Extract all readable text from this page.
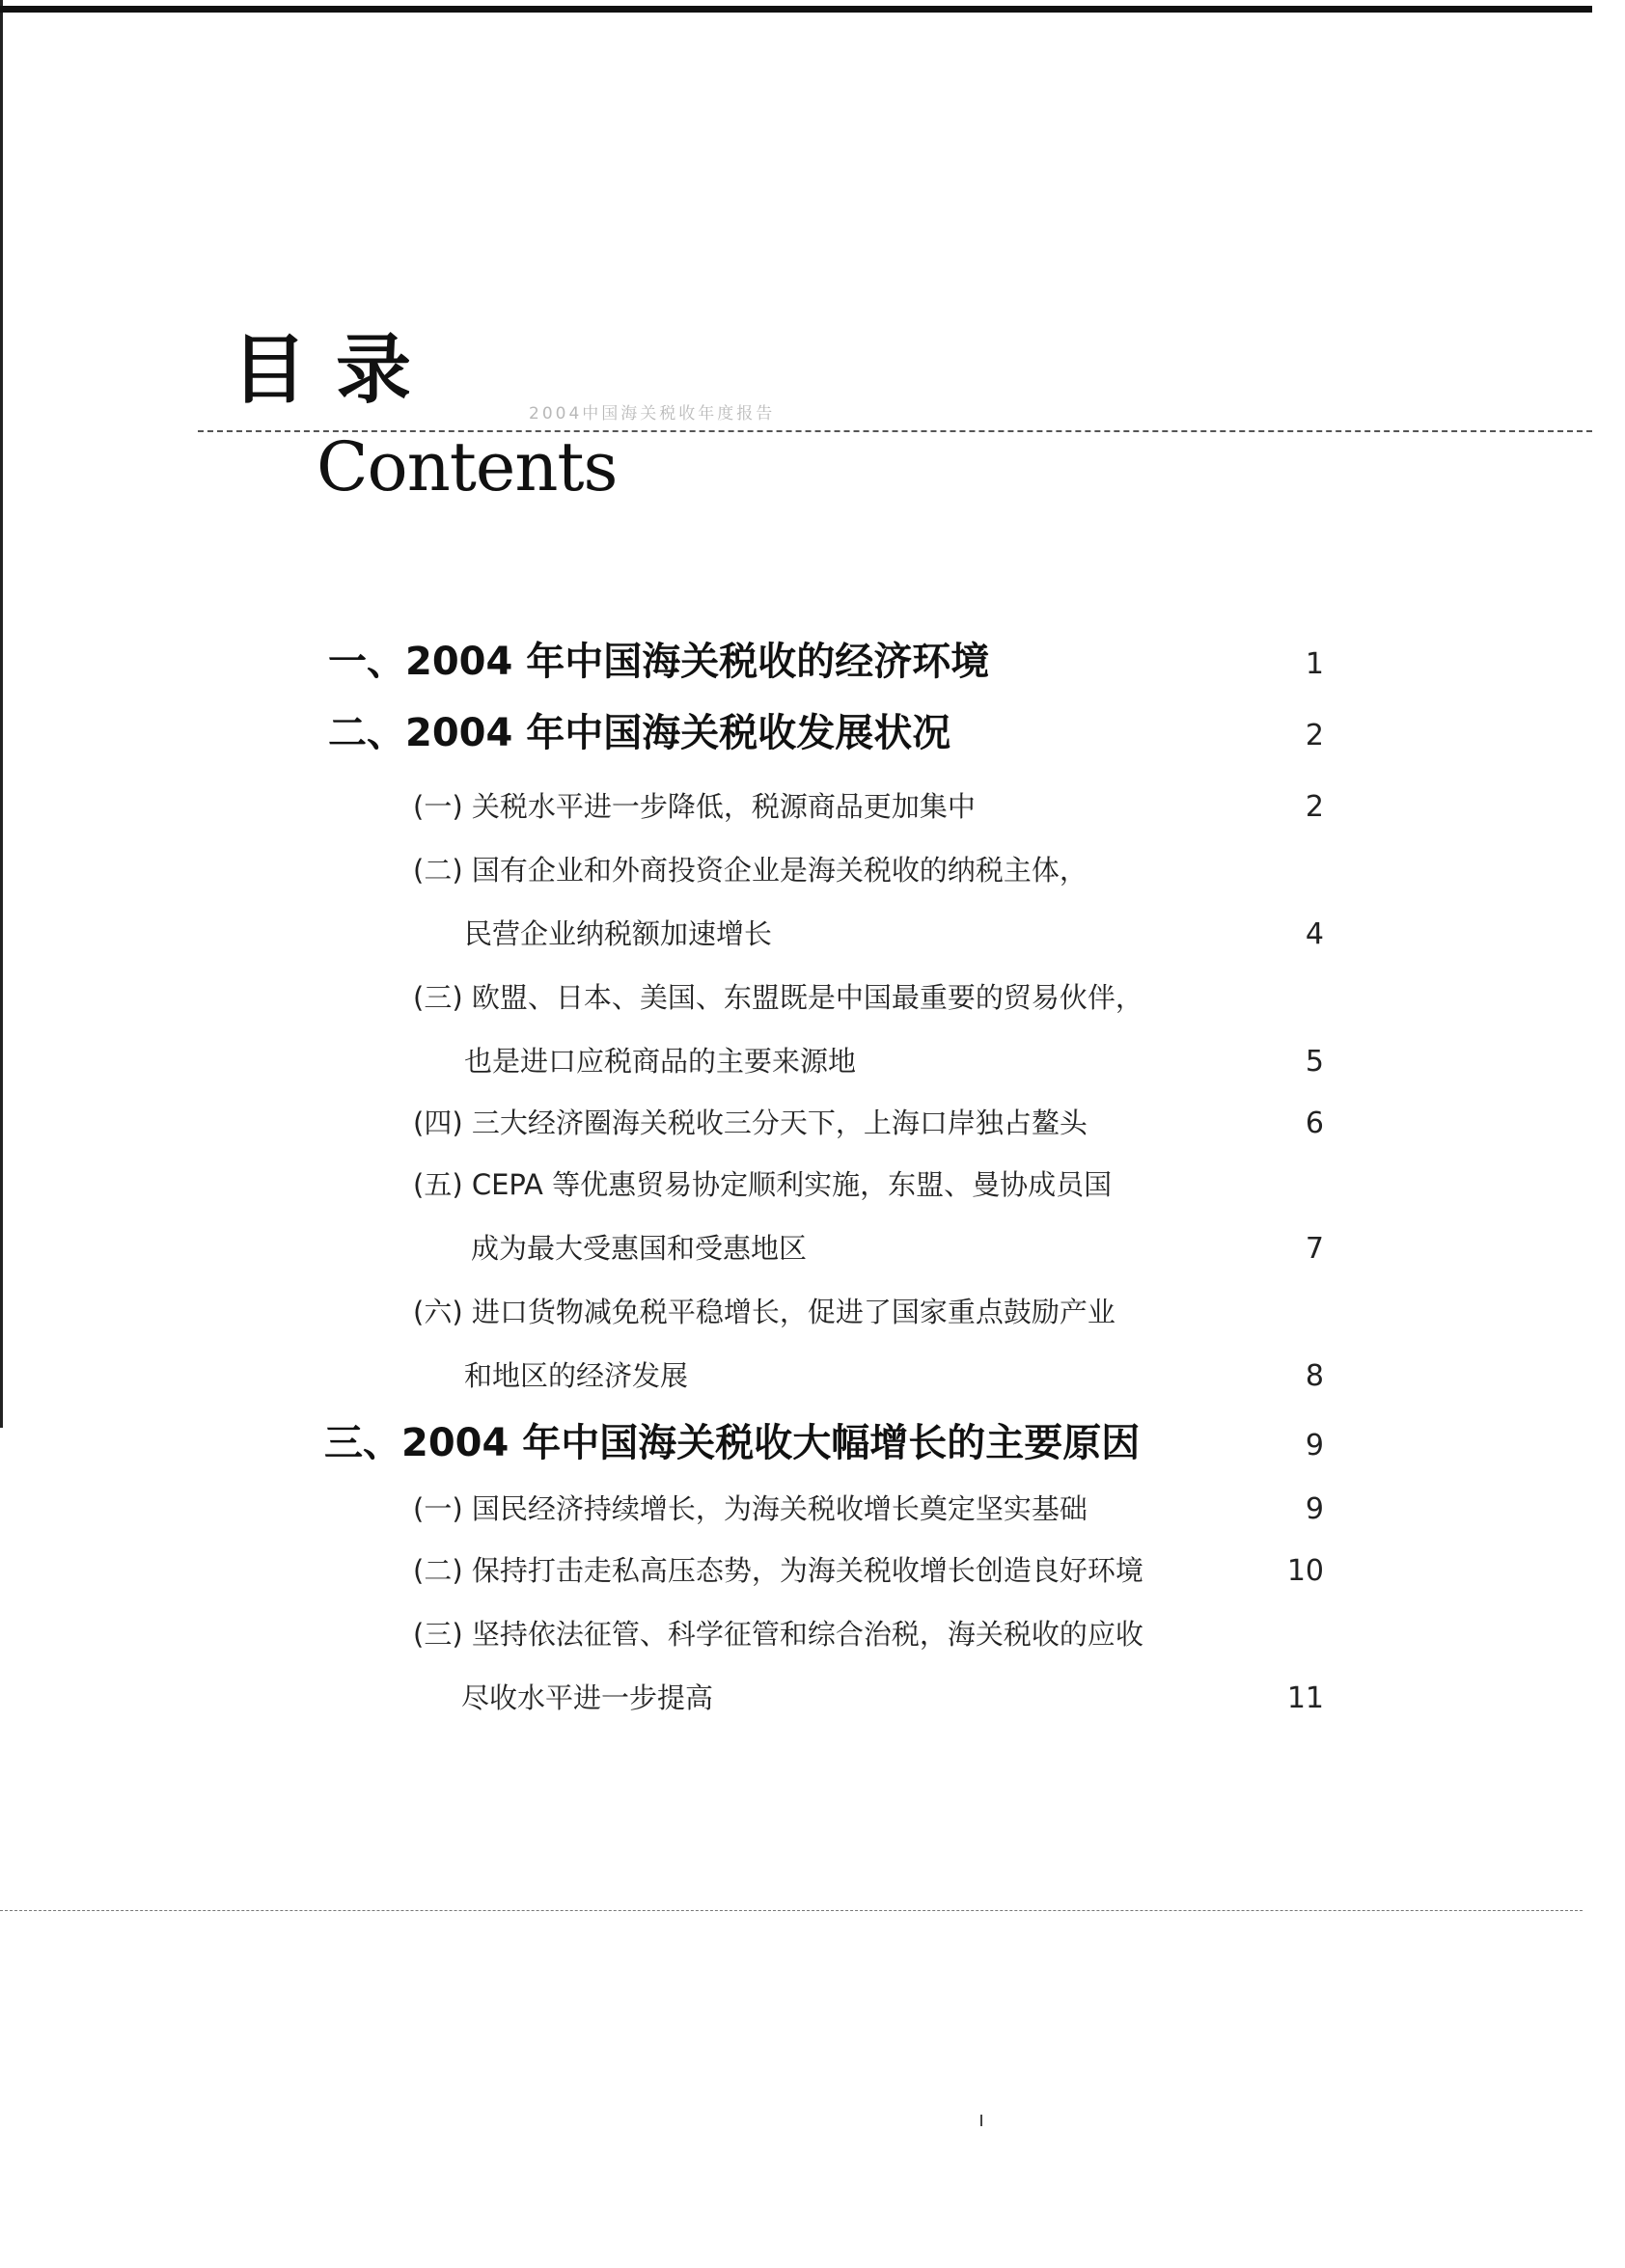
目录	2004中国海关税收年度报告
Contents
一、2004 年中国海关税收的经济环境	1
二、2004 年中国海关税收发展状况	2
(一) 关税水平进一步降低，税源商品更加集中	2
(二) 国有企业和外商投资企业是海关税收的纳税主体，
民营企业纳税额加速增长	4
(三) 欧盟、日本、美国、东盟既是中国最重要的贸易伙伴，
也是进口应税商品的主要来源地	5
(四) 三大经济圈海关税收三分天下，上海口岸独占鳌头	6
(五) CEPA 等优惠贸易协定顺利实施，东盟、曼协成员国
成为最大受惠国和受惠地区	7
(六) 进口货物减免税平稳增长，促进了国家重点鼓励产业
和地区的经济发展	8
三、2004 年中国海关税收大幅增长的主要原因	9
(一) 国民经济持续增长，为海关税收增长奠定坚实基础	9
(二) 保持打击走私高压态势，为海关税收增长创造良好环境	10
(三) 坚持依法征管、科学征管和综合治税，海关税收的应收
尽收水平进一步提高	11
